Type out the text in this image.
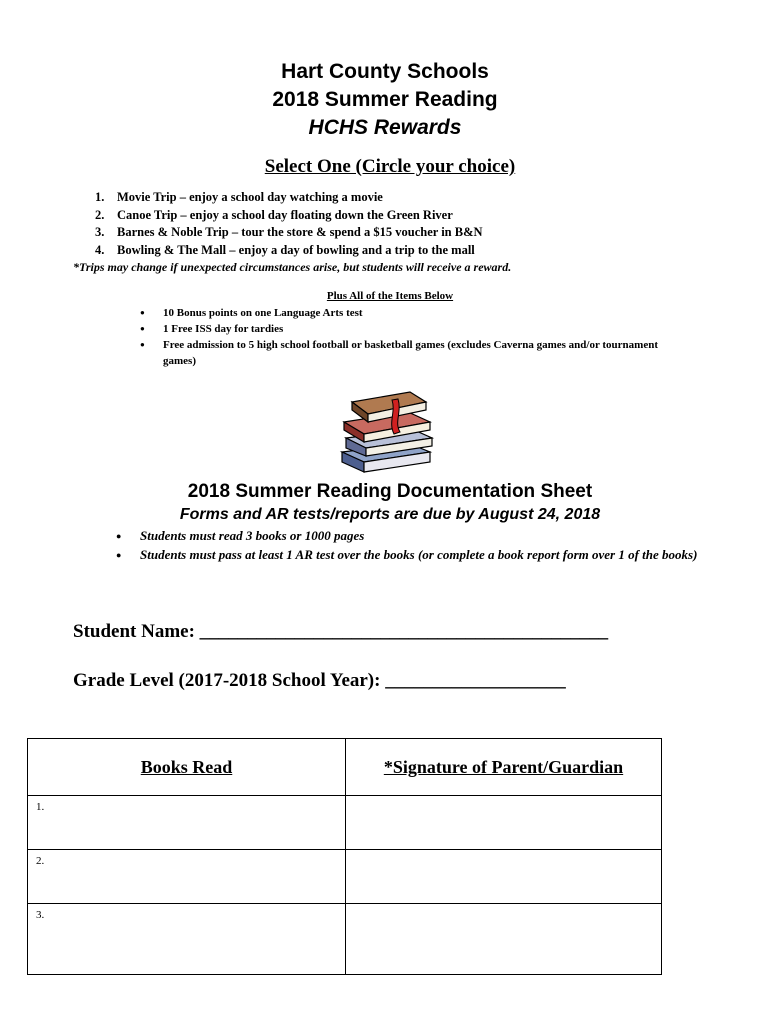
Hart County Schools
2018 Summer Reading
HCHS Rewards
Select One (Circle your choice)
1. Movie Trip – enjoy a school day watching a movie
2. Canoe Trip – enjoy a school day floating down the Green River
3. Barnes & Noble Trip – tour the store & spend a $15 voucher in B&N
4. Bowling & The Mall – enjoy a day of bowling and a trip to the mall
*Trips may change if unexpected circumstances arise, but students will receive a reward.
Plus All of the Items Below
● 10 Bonus points on one Language Arts test
● 1 Free ISS day for tardies
● Free admission to 5 high school football or basketball games (excludes Caverna games and/or tournament games)
2018 Summer Reading Documentation Sheet
Forms and AR tests/reports are due by August 24, 2018
● Students must read 3 books or 1000 pages
● Students must pass at least 1 AR test over the books (or complete a book report form over 1 of the books)
Student Name: ___________________________________________
Grade Level (2017-2018 School Year): ___________________
Books Read	*Signature of Parent/Guardian

1.	

2.	

3.	
